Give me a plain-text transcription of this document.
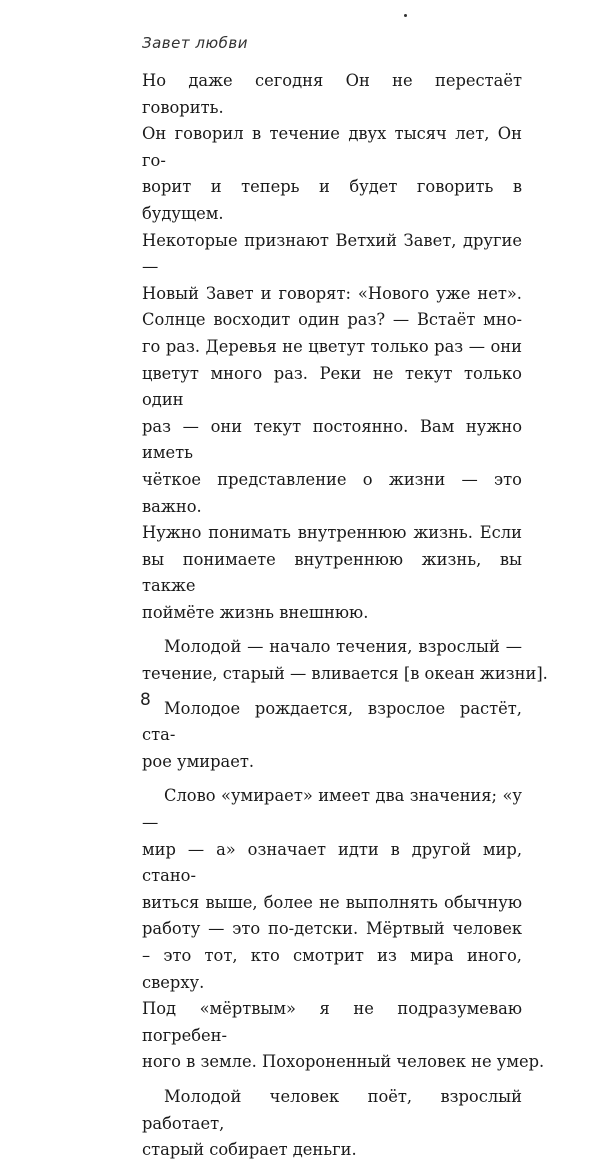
Завет любви
Но даже сегодня Он не перестаёт говорить.
Он говорил в течение двух тысяч лет, Он го-
ворит и теперь и будет говорить в будущем.
Некоторые признают Ветхий Завет, другие —
Новый Завет и говорят: «Нового уже нет».
Солнце восходит один раз? — Встаёт мно-
го раз. Деревья не цветут только раз — они
цветут много раз. Реки не текут только один
раз — они текут постоянно. Вам нужно иметь
чёткое представление о жизни — это важно.
Нужно понимать внутреннюю жизнь. Если
вы понимаете внутреннюю жизнь, вы также
поймёте жизнь внешнюю.
Молодой — начало течения, взрослый —
течение, старый — вливается [в океан жизни].
Молодое рождается, взрослое растёт, ста-
рое умирает.
Слово «умирает» имеет два значения; «у —
мир — а» означает идти в другой мир, стано-
виться выше, более не выполнять обычную
работу — это по-детски. Мёртвый человек
– это тот, кто смотрит из мира иного, сверху.
Под «мёртвым» я не подразумеваю погребен-
ного в земле. Похороненный человек не умер.
Молодой человек поёт, взрослый работает,
старый собирает деньги.
8
